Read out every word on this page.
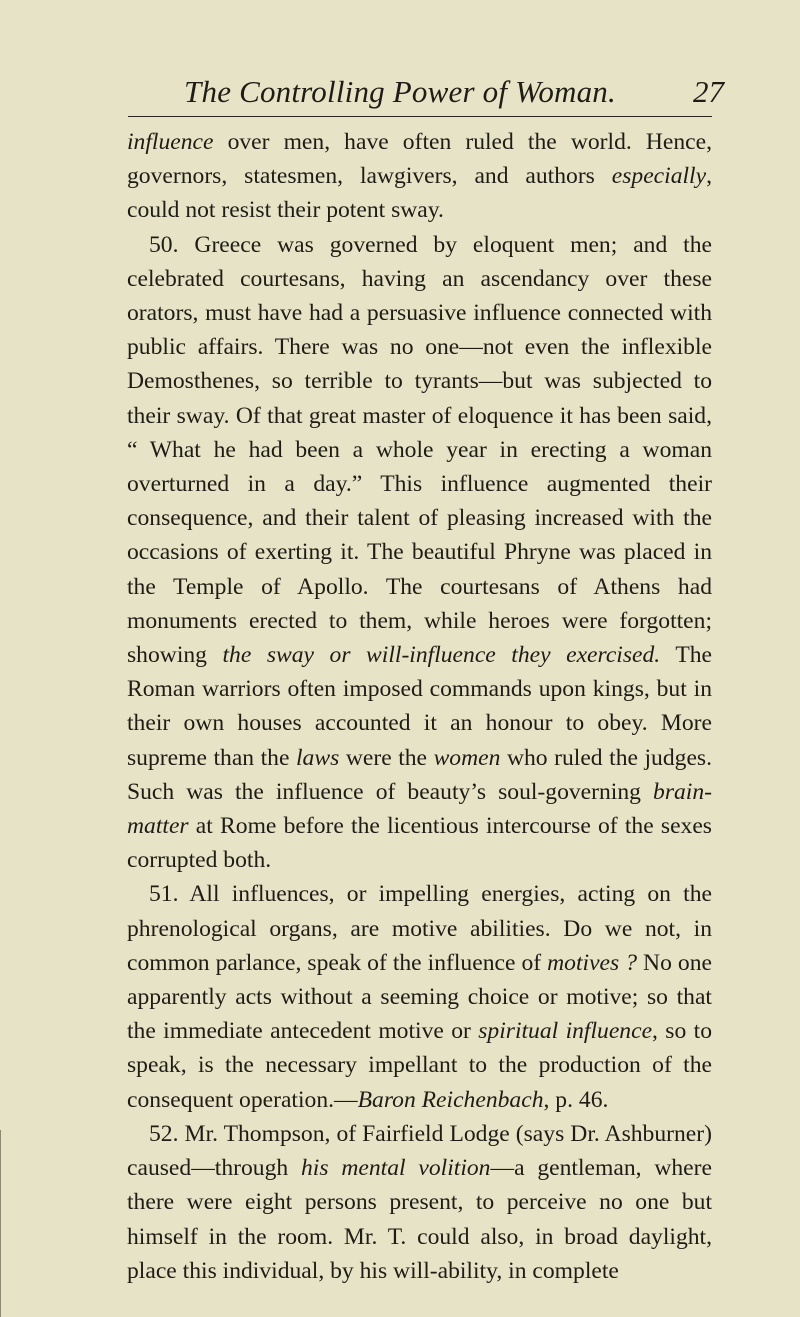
The Controlling Power of Woman.	27

influence over men, have often ruled the world. Hence, governors, statesmen, lawgivers, and authors especially, could not resist their potent sway.

50. Greece was governed by eloquent men; and the celebrated courtesans, having an ascendancy over these orators, must have had a persuasive influence connected with public affairs. There was no one—not even the inflexible Demosthenes, so terrible to tyrants—but was subjected to their sway. Of that great master of eloquence it has been said, “ What he had been a whole year in erecting a woman overturned in a day.” This influence augmented their consequence, and their talent of pleasing increased with the occasions of exerting it. The beautiful Phryne was placed in the Temple of Apollo. The courtesans of Athens had monuments erected to them, while heroes were forgotten; showing the sway or will-influence they exercised. The Roman warriors often imposed commands upon kings, but in their own houses accounted it an honour to obey. More supreme than the laws were the women who ruled the judges. Such was the influence of beauty’s soul-governing brain-matter at Rome before the licentious intercourse of the sexes corrupted both.

51. All influences, or impelling energies, acting on the phrenological organs, are motive abilities. Do we not, in common parlance, speak of the influence of motives ? No one apparently acts without a seeming choice or motive; so that the immediate antecedent motive or spiritual influence, so to speak, is the necessary impellant to the production of the consequent operation.—Baron Reichenbach, p. 46.

52. Mr. Thompson, of Fairfield Lodge (says Dr. Ashburner) caused—through his mental volition—a gentleman, where there were eight persons present, to perceive no one but himself in the room. Mr. T. could also, in broad daylight, place this individual, by his will-ability, in complete
